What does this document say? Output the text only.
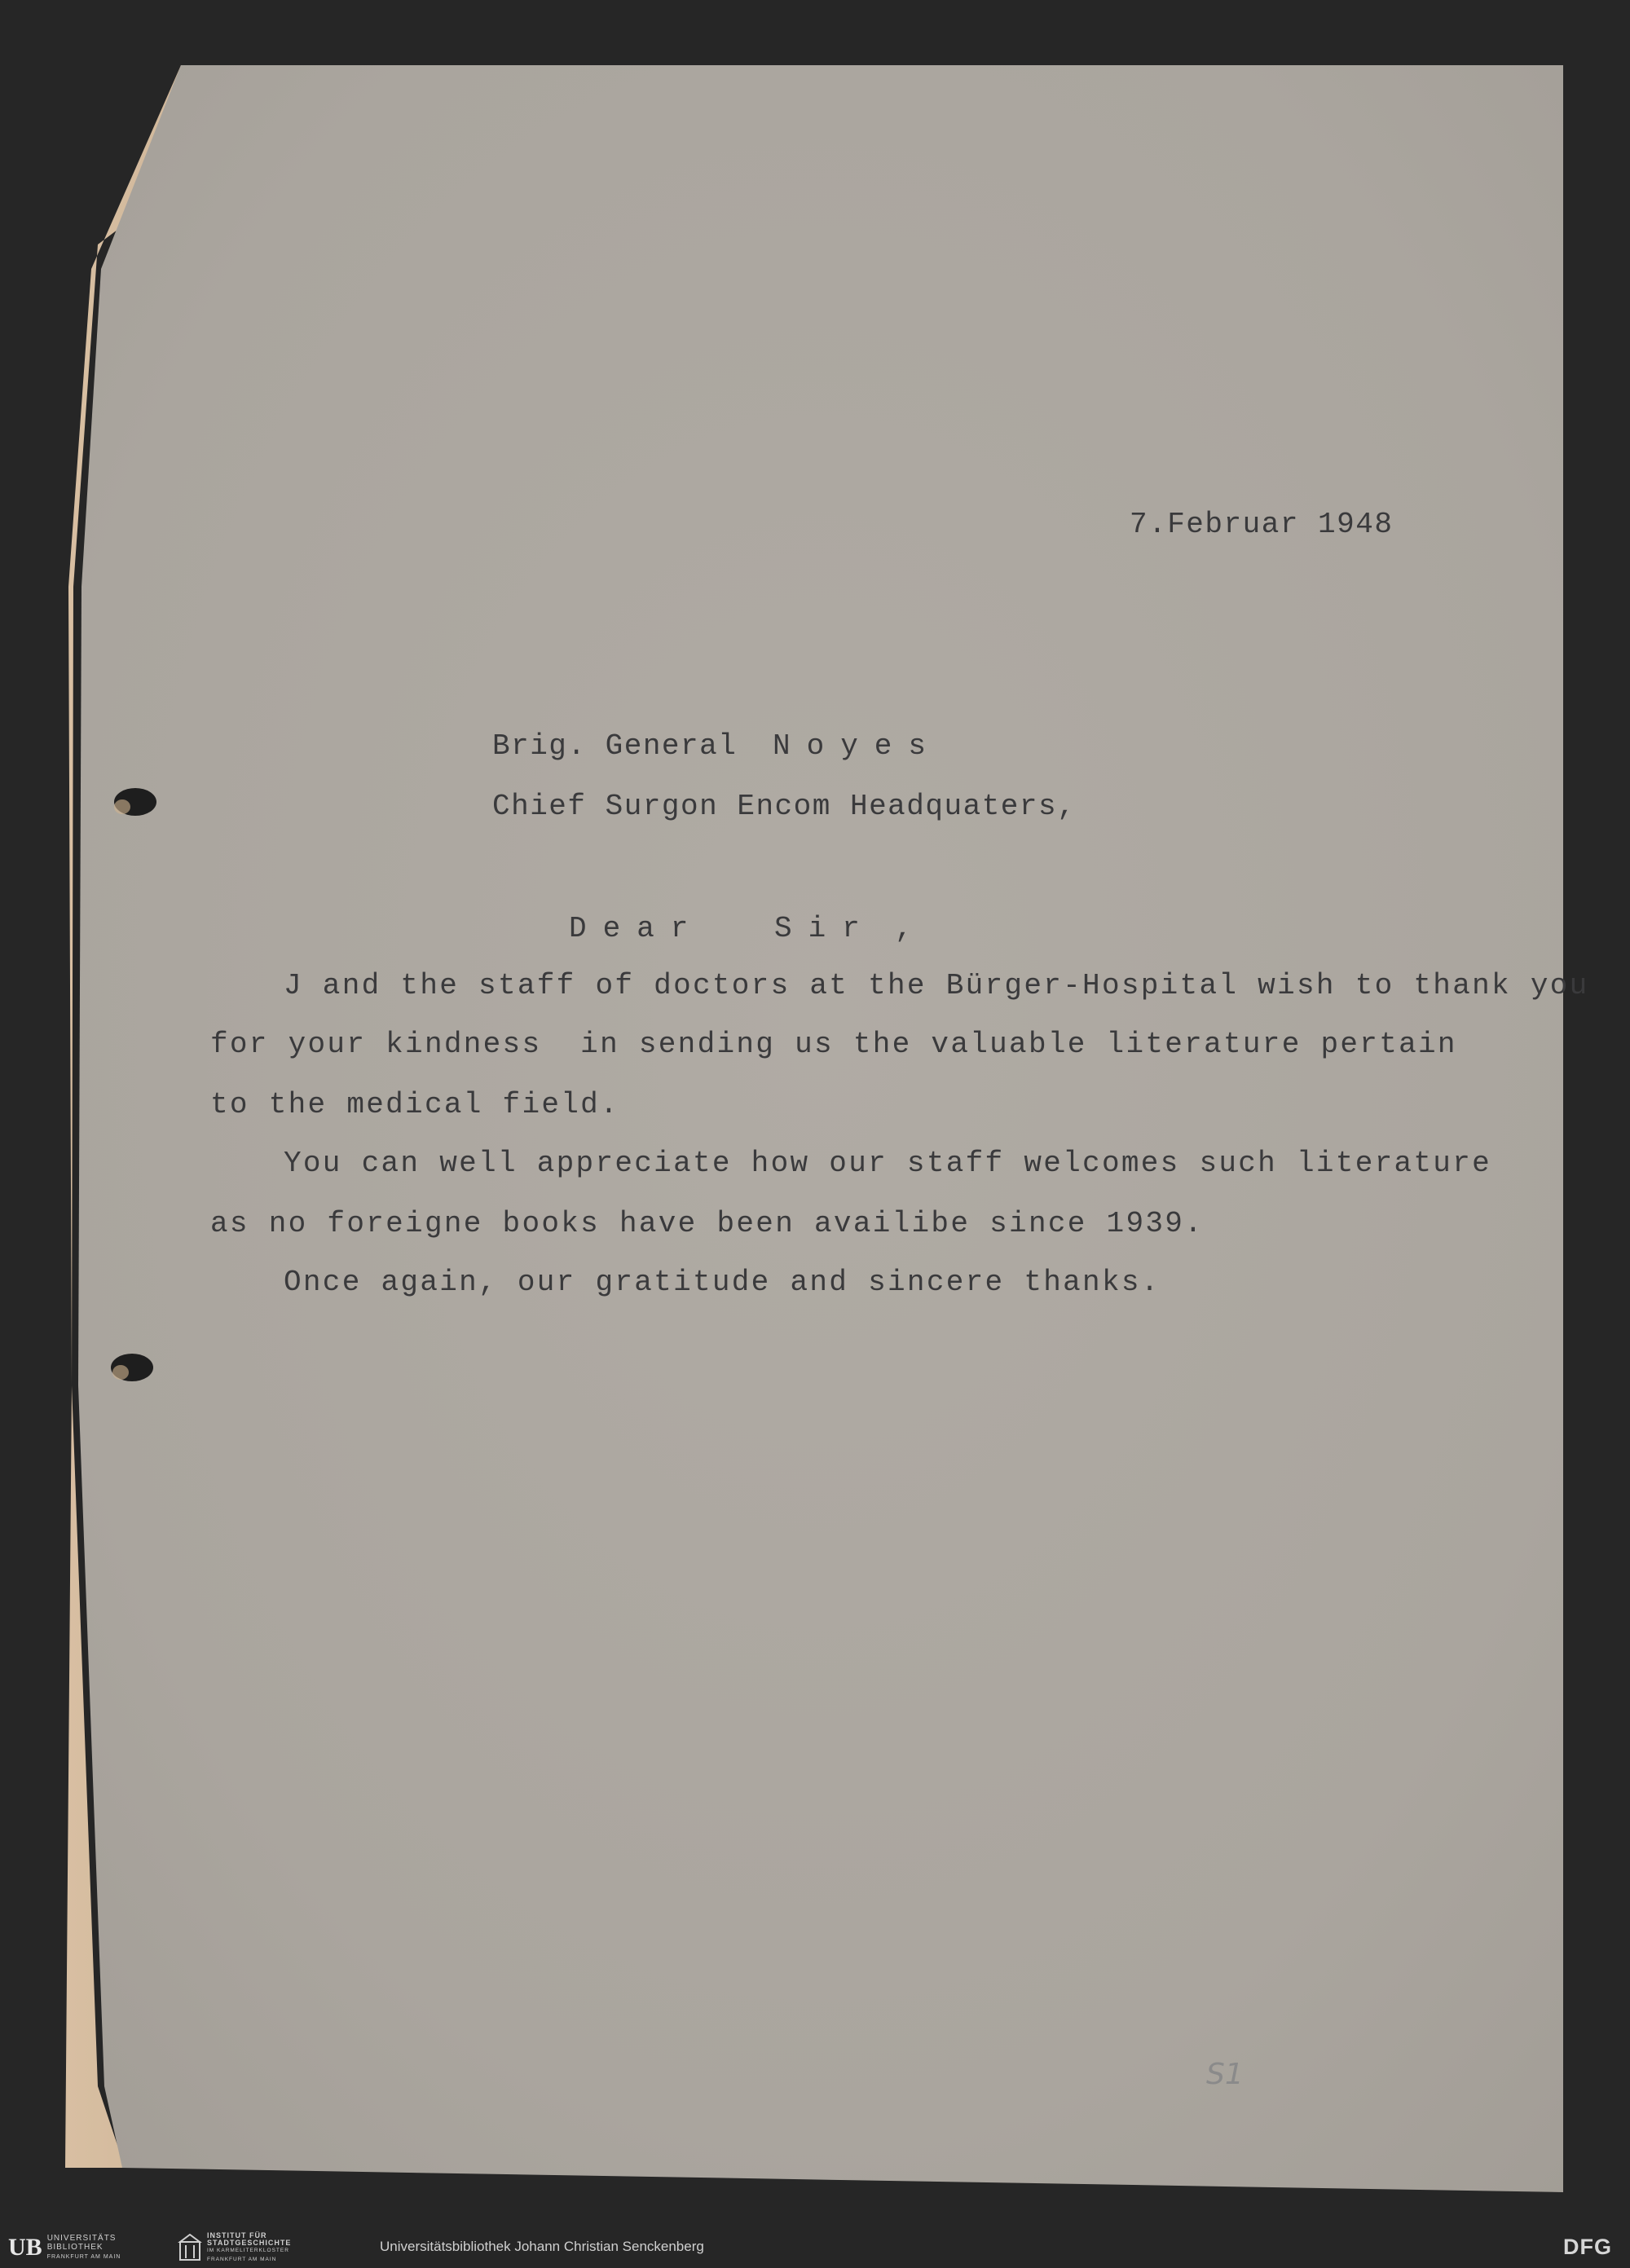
7.Februar 1948
Brig. General Noyes
Chief Surgon Encom Headquaters,
Dear Sir ,
J and the staff of doctors at the Bürger-Hospital wish to thank you
for your kindness  in sending us the valuable literature pertain
to the medical field.
You can well appreciate how our staff welcomes such literature
as no foreigne books have been availibe since 1939.
Once again, our gratitude and sincere thanks.
S1
UB UNIVERSITÄTS
BIBLIOTHEK
FRANKFURT AM MAIN
INSTITUT FÜR
STADTGESCHICHTE
IM KARMELITERKLOSTER
FRANKFURT AM MAIN
Universitätsbibliothek Johann Christian Senckenberg	DFG
